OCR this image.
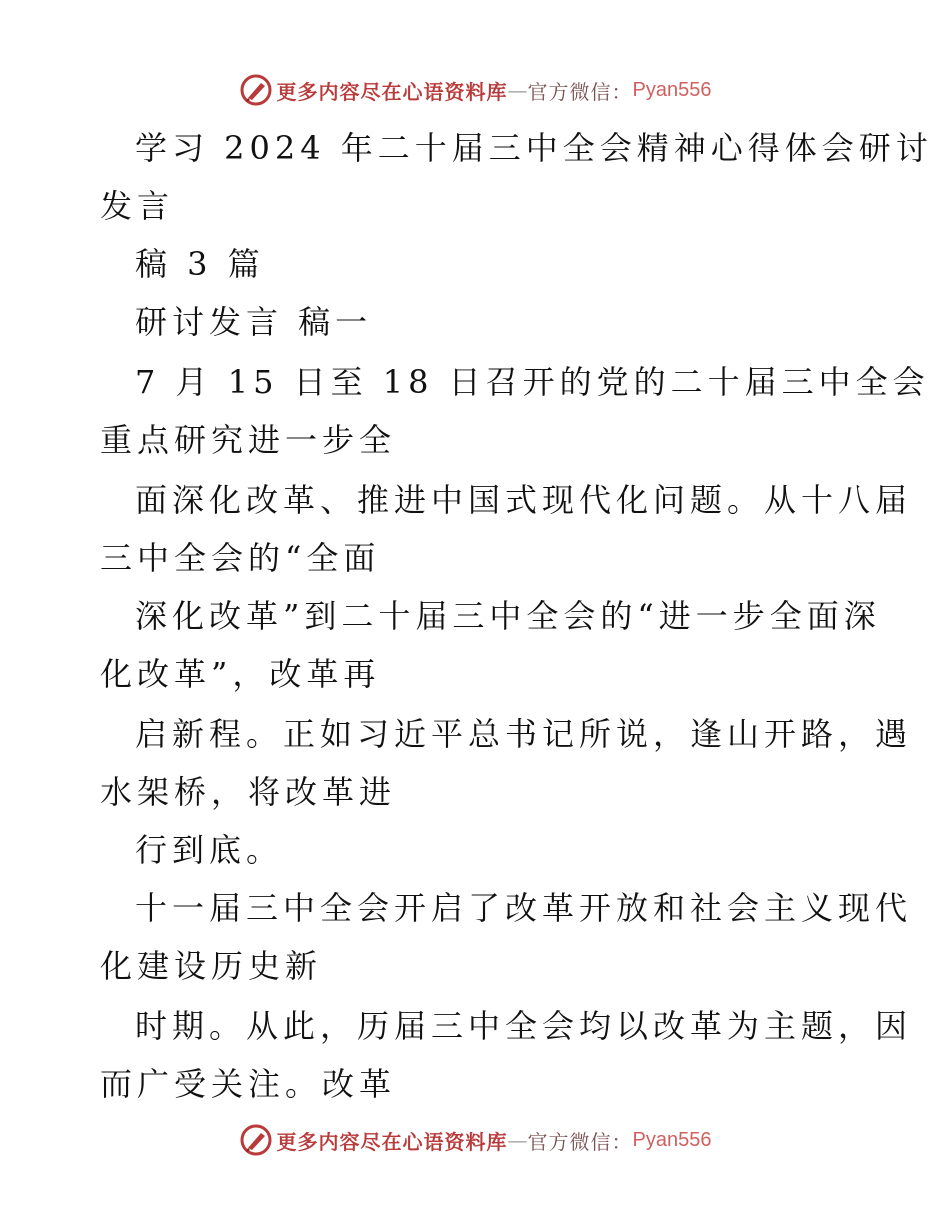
更多内容尽在心语资料库 — 官方微信： Pyan556
学习 2024 年二十届三中全会精神心得体会研讨
发言
稿 3 篇
研讨发言 稿一
7 月 15 日至 18 日召开的党的二十届三中全会
重点研究进一步全
面深化改革、推进中国式现代化问题。从十八届
三中全会的“全面
深化改革”到二十届三中全会的“进一步全面深
化改革”，改革再
启新程。正如习近平总书记所说，逢山开路，遇
水架桥，将改革进
行到底。
十一届三中全会开启了改革开放和社会主义现代
化建设历史新
时期。从此，历届三中全会均以改革为主题，因
而广受关注。改革
更多内容尽在心语资料库 — 官方微信： Pyan556
